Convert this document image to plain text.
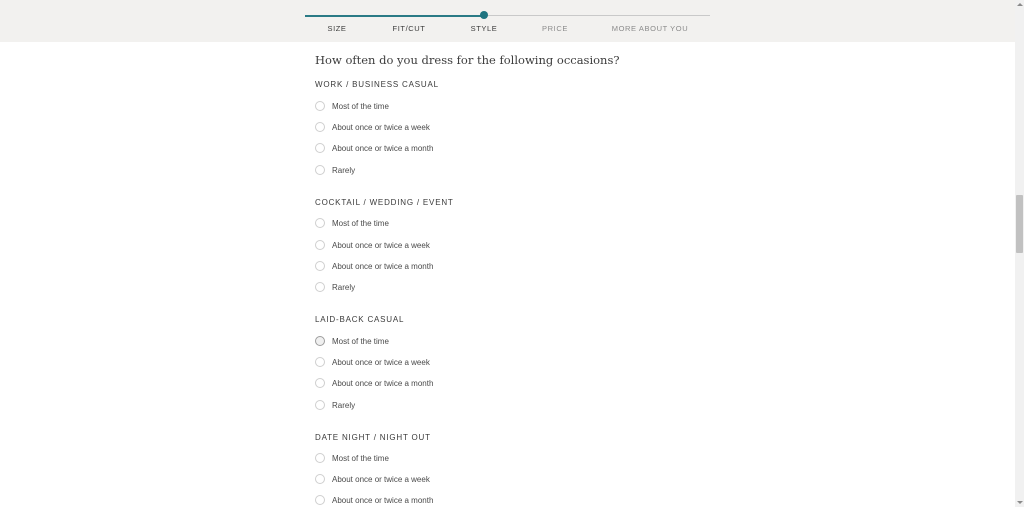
SIZE	FIT/CUT	STYLE	PRICE	MORE ABOUT YOU
How often do you dress for the following occasions?
WORK / BUSINESS CASUAL
Most of the time
About once or twice a week
About once or twice a month
Rarely
COCKTAIL / WEDDING / EVENT
Most of the time
About once or twice a week
About once or twice a month
Rarely
LAID-BACK CASUAL
Most of the time
About once or twice a week
About once or twice a month
Rarely
DATE NIGHT / NIGHT OUT
Most of the time
About once or twice a week
About once or twice a month
